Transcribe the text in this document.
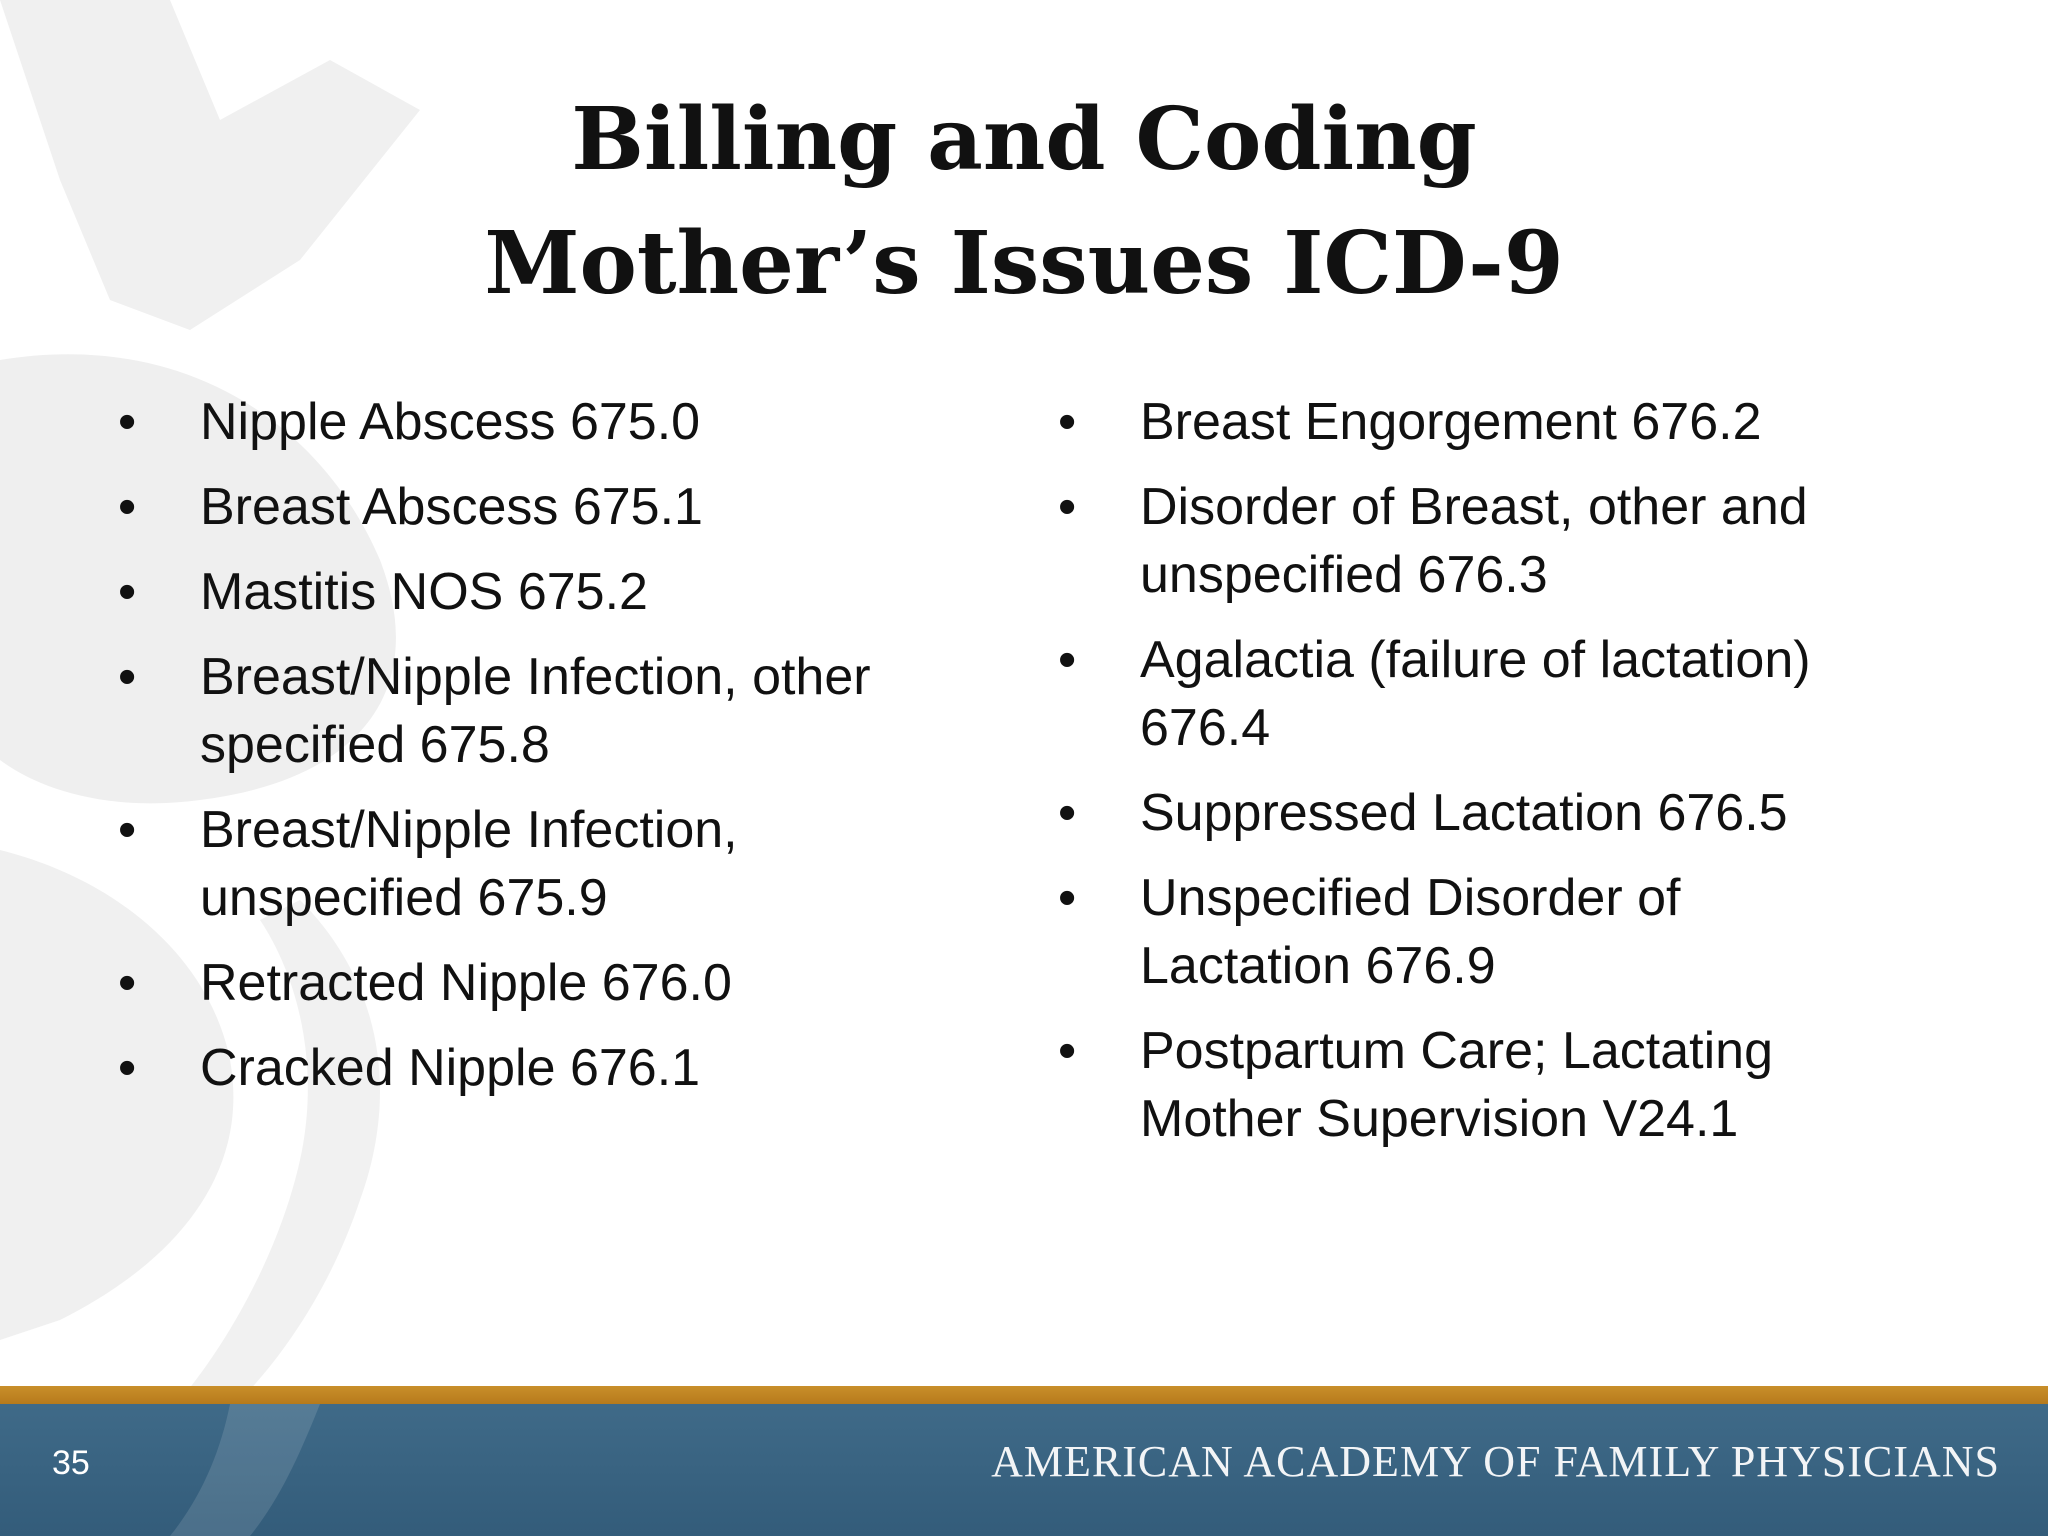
Billing and Coding
Mother’s Issues ICD-9
• Nipple Abscess 675.0
• Breast Abscess 675.1
• Mastitis NOS 675.2
• Breast/Nipple Infection, other
specified 675.8
• Breast/Nipple Infection,
unspecified 675.9
• Retracted Nipple 676.0
• Cracked Nipple 676.1
• Breast Engorgement 676.2
• Disorder of Breast, other and
unspecified 676.3
• Agalactia (failure of lactation)
676.4
• Suppressed Lactation 676.5
• Unspecified Disorder of
Lactation 676.9
• Postpartum Care; Lactating
Mother Supervision V24.1
35	AMERICAN ACADEMY OF FAMILY PHYSICIANS
